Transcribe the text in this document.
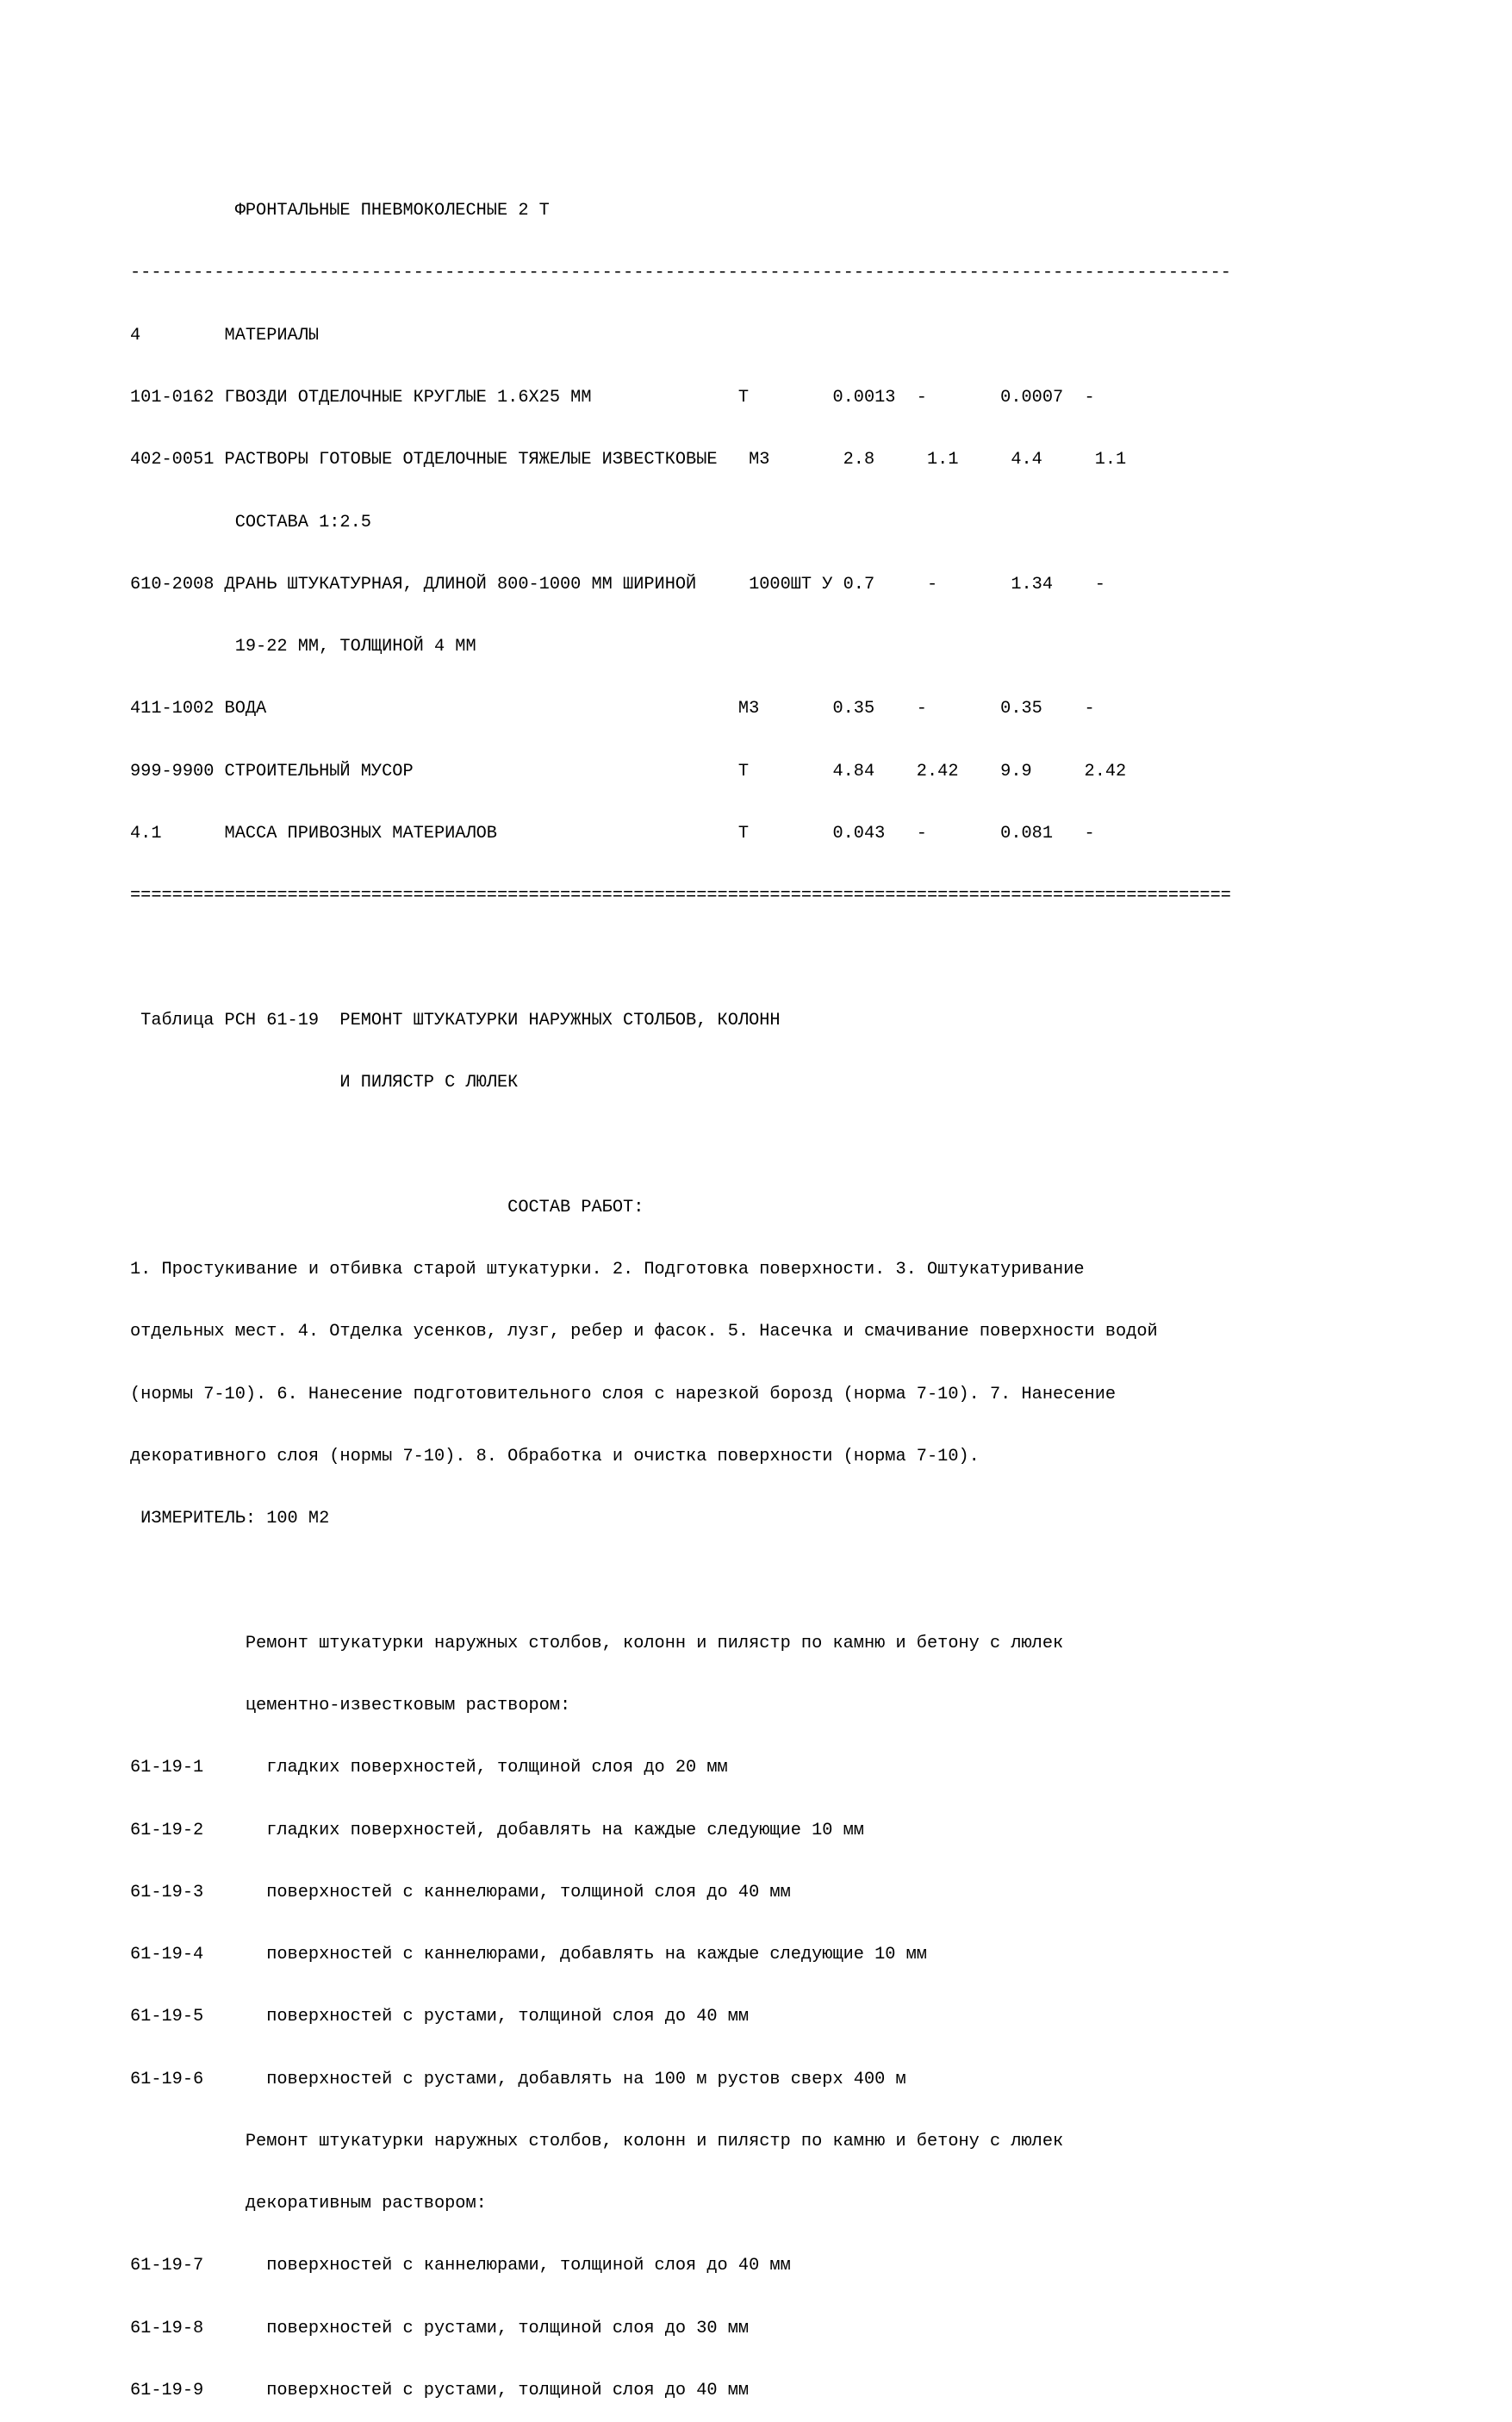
ФРОНТАЛЬНЫЕ ПНЕВМОКОЛЕСНЫЕ 2 Т

---------------------------------------------------------------------------------------------------------

4        МАТЕРИАЛЫ

101-0162 ГВОЗДИ ОТДЕЛОЧНЫЕ КРУГЛЫЕ 1.6Х25 ММ              Т        0.0013  -       0.0007  -

402-0051 РАСТВОРЫ ГОТОВЫЕ ОТДЕЛОЧНЫЕ ТЯЖЕЛЫЕ ИЗВЕСТКОВЫЕ   М3       2.8     1.1     4.4     1.1

СОСТАВА 1:2.5

610-2008 ДРАНЬ ШТУКАТУРНАЯ, ДЛИНОЙ 800-1000 ММ ШИРИНОЙ     1000ШТ У 0.7     -       1.34    -

19-22 ММ, ТОЛЩИНОЙ 4 ММ

411-1002 ВОДА                                             М3       0.35    -       0.35    -

999-9900 СТРОИТЕЛЬНЫЙ МУСОР                               Т        4.84    2.42    9.9     2.42

4.1      МАССА ПРИВОЗНЫХ МАТЕРИАЛОВ                       Т        0.043   -       0.081   -

=========================================================================================================

Таблица РСН 61-19  РЕМОНТ ШТУКАТУРКИ НАРУЖНЫХ СТОЛБОВ, КОЛОНН

И ПИЛЯСТР С ЛЮЛЕК

СОСТАВ РАБОТ:

1. Простукивание и отбивка старой штукатурки. 2. Подготовка поверхности. 3. Оштукатуривание

отдельных мест. 4. Отделка усенков, лузг, ребер и фасок. 5. Насечка и смачивание поверхности водой

(нормы 7-10). 6. Нанесение подготовительного слоя с нарезкой борозд (норма 7-10). 7. Нанесение

декоративного слоя (нормы 7-10). 8. Обработка и очистка поверхности (норма 7-10).

ИЗМЕРИТЕЛЬ: 100 М2

Ремонт штукатурки наружных столбов, колонн и пилястр по камню и бетону с люлек

цементно-известковым раствором:

61-19-1      гладких поверхностей, толщиной слоя до 20 мм

61-19-2      гладких поверхностей, добавлять на каждые следующие 10 мм

61-19-3      поверхностей с каннелюрами, толщиной слоя до 40 мм

61-19-4      поверхностей с каннелюрами, добавлять на каждые следующие 10 мм

61-19-5      поверхностей с рустами, толщиной слоя до 40 мм

61-19-6      поверхностей с рустами, добавлять на 100 м рустов сверх 400 м

Ремонт штукатурки наружных столбов, колонн и пилястр по камню и бетону с люлек

декоративным раствором:

61-19-7      поверхностей с каннелюрами, толщиной слоя до 40 мм

61-19-8      поверхностей с рустами, толщиной слоя до 30 мм

61-19-9      поверхностей с рустами, толщиной слоя до 40 мм
